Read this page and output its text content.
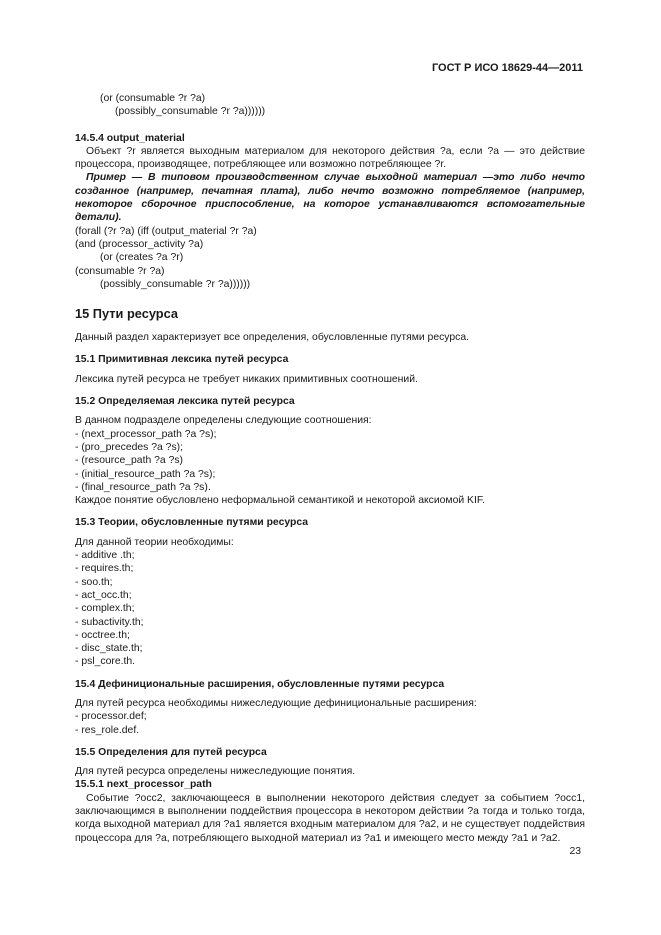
ГОСТ Р ИСО 18629-44—2011
(or (consumable ?r ?a)
(possibly_consumable ?r ?a))))))
14.5.4 output_material
Объект ?r является выходным материалом для некоторого действия ?a, если ?a — это действие процессора, производящее, потребляющее или возможно потребляющее ?r.
Пример — В типовом производственном случае выходной материал —это либо нечто созданное (например, печатная плата), либо нечто возможно потребляемое (например, некоторое сборочное приспособление, на которое устанавливаются вспомогательные детали).
(forall (?r ?a) (iff (output_material ?r ?a)
(and (processor_activity ?a)
(or (creates ?a ?r)
(consumable ?r ?a)
(possibly_consumable ?r ?a))))))
15 Пути ресурса
Данный раздел характеризует все определения, обусловленные путями ресурса.
15.1 Примитивная лексика путей ресурса
Лексика путей ресурса не требует никаких примитивных соотношений.
15.2 Определяемая лексика путей ресурса
В данном подразделе определены следующие соотношения:
- (next_processor_path ?a ?s);
- (pro_precedes ?a ?s);
- (resource_path ?a ?s)
- (initial_resource_path ?a ?s);
- (final_resource_path ?a ?s).
Каждое понятие обусловлено неформальной семантикой и некоторой аксиомой KIF.
15.3 Теории, обусловленные путями ресурса
Для данной теории необходимы:
- additive .th;
- requires.th;
- soo.th;
- act_occ.th;
- complex.th;
- subactivity.th;
- occtree.th;
- disc_state.th;
- psl_core.th.
15.4 Дефинициональные расширения, обусловленные путями ресурса
Для путей ресурса необходимы нижеследующие дефинициональные расширения:
- processor.def;
- res_role.def.
15.5 Определения для путей ресурса
Для путей ресурса определены нижеследующие понятия.
15.5.1 next_processor_path
Событие ?occ2, заключающееся в выполнении некоторого действия следует за событием ?occ1, заключающимся в выполнении поддействия процессора в некотором действии ?a тогда и только тогда, когда выходной материал для ?a1 является входным материалом для ?a2, и не существует поддействия процессора для ?a, потребляющего выходной материал из ?a1 и имеющего место между ?a1 и ?a2.
23
